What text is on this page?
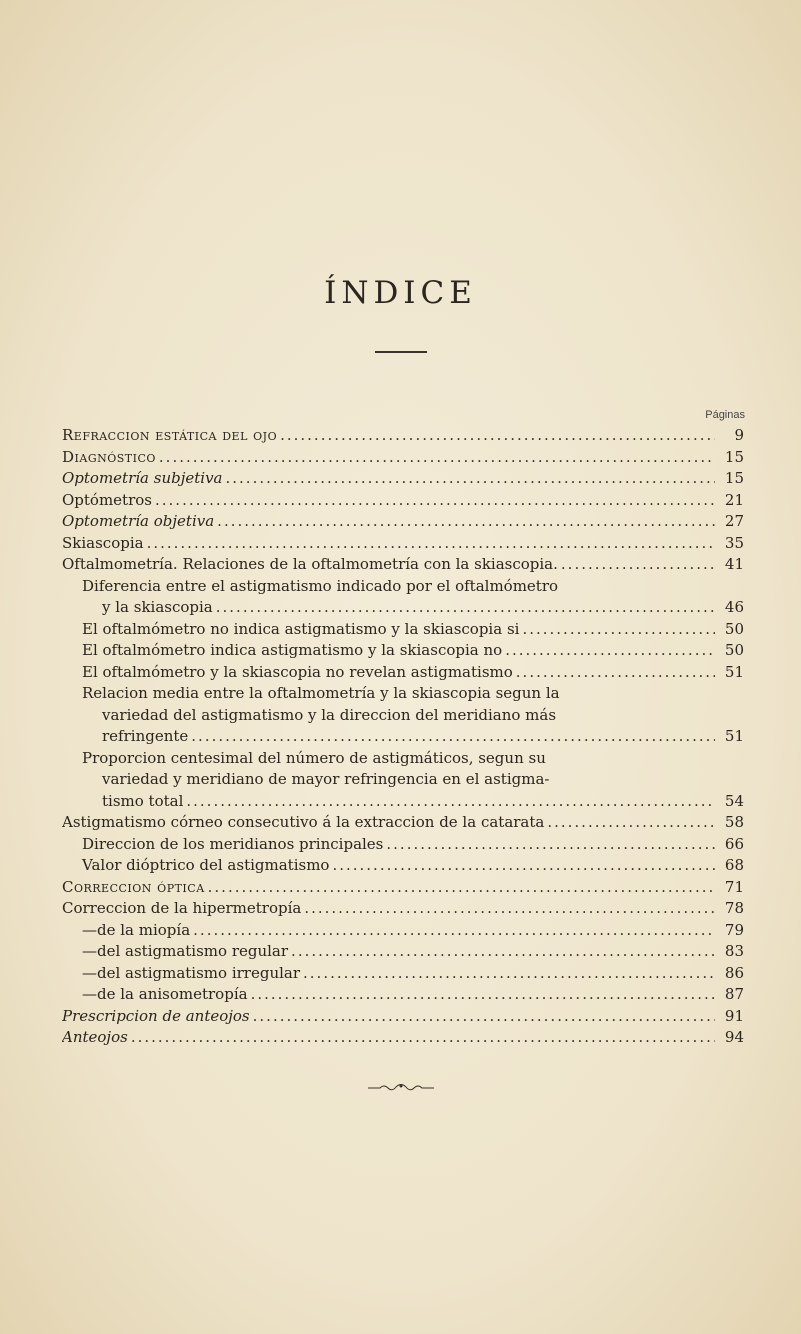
ÍNDICE
Páginas
Refraccion estática del ojo .....	9
Diagnóstico .....	15
Optometría subjetiva .....	15
Optómetros .....	21
Optometría objetiva .....	27
Skiascopia .....	35
Oftalmometría. Relaciones de la oftalmometría con la skiascopia. .....	41
Diferencia entre el astigmatismo indicado por el oftalmómetro
y la skiascopia .....	46
El oftalmómetro no indica astigmatismo y la skiascopia si .....	50
El oftalmómetro indica astigmatismo y la skiascopia no .....	50
El oftalmómetro y la skiascopia no revelan astigmatismo .....	51
Relacion media entre la oftalmometría y la skiascopia segun la
variedad del astigmatismo y la direccion del meridiano más
refringente .....	51
Proporcion centesimal del número de astigmáticos, segun su
variedad y meridiano de mayor refringencia en el astigma-
tismo total .....	54
Astigmatismo córneo consecutivo á la extraccion de la catarata .....	58
Direccion de los meridianos principales .....	66
Valor dióptrico del astigmatismo .....	68
Correccion óptica .....	71
Correccion de la hipermetropía .....	78
— de la miopía .....	79
— del astigmatismo regular .....	83
— del astigmatismo irregular .....	86
— de la anisometropía .....	87
Prescripcion de anteojos .....	91
Anteojos .....	94
